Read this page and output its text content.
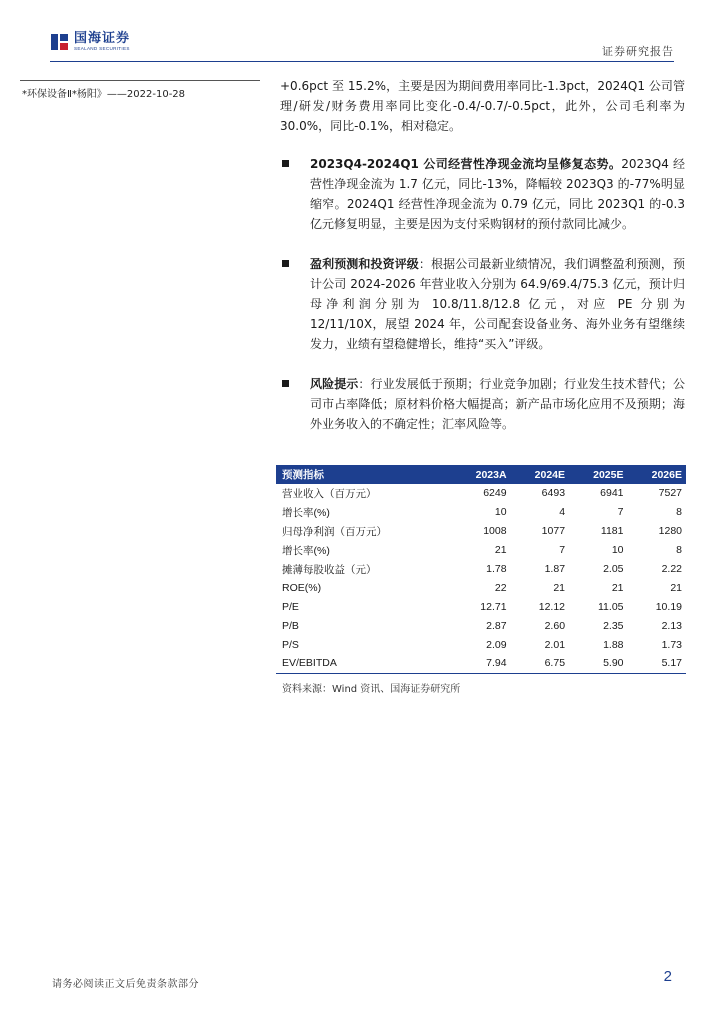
国海证券
SEALAND SECURITIES	证券研究报告
*环保设备Ⅱ*杨阳》——2022-10-28
+0.6pct 至 15.2%，主要是因为期间费用率同比-1.3pct，2024Q1 公司管理/研发/财务费用率同比变化-0.4/-0.7/-0.5pct，此外，公司毛利率为 30.0%，同比-0.1%，相对稳定。
2023Q4-2024Q1 公司经营性净现金流均呈修复态势。2023Q4 经营性净现金流为 1.7 亿元，同比-13%，降幅较 2023Q3 的-77%明显缩窄。2024Q1 经营性净现金流为 0.79 亿元，同比 2023Q1 的-0.3 亿元修复明显，主要是因为支付采购钢材的预付款同比减少。
盈利预测和投资评级：根据公司最新业绩情况，我们调整盈利预测，预计公司 2024-2026 年营业收入分别为 64.9/69.4/75.3 亿元，预计归母净利润分别为 10.8/11.8/12.8 亿元，对应 PE 分别为 12/11/10X，展望 2024 年，公司配套设备业务、海外业务有望继续发力，业绩有望稳健增长，维持“买入”评级。
风险提示：行业发展低于预期；行业竞争加剧；行业发生技术替代；公司市占率降低；原材料价格大幅提高；新产品市场化应用不及预期；海外业务收入的不确定性；汇率风险等。
预测指标	2023A	2024E	2025E	2026E
营业收入（百万元）	6249	6493	6941	7527
增长率(%)	10	4	7	8
归母净利润（百万元）	1008	1077	1181	1280
增长率(%)	21	7	10	8
摊薄每股收益（元）	1.78	1.87	2.05	2.22
ROE(%)	22	21	21	21
P/E	12.71	12.12	11.05	10.19
P/B	2.87	2.60	2.35	2.13
P/S	2.09	2.01	1.88	1.73
EV/EBITDA	7.94	6.75	5.90	5.17
资料来源：Wind 资讯、国海证券研究所
请务必阅读正文后免责条款部分	2
